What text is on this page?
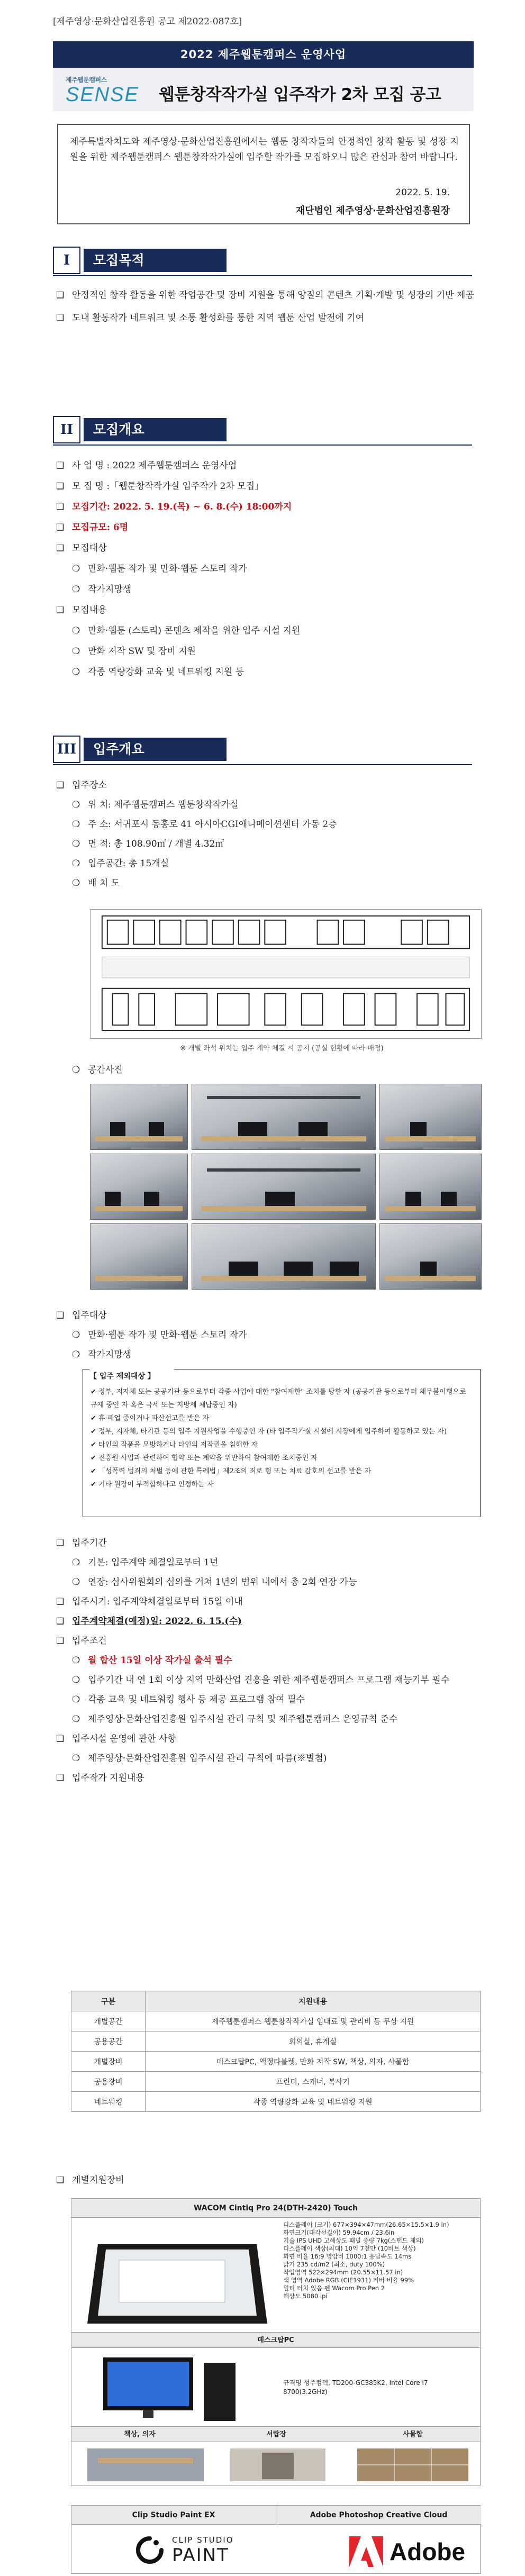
[제주영상·문화산업진흥원 공고 제2022-087호]
2022 제주웹툰캠퍼스 운영사업
제주웹툰캠퍼스
SENSE 웹툰창작작가실 입주작가 2차 모집 공고
제주특별자치도와 제주영상·문화산업진흥원에서는 웹툰 창작자들의 안정적인 창작 활동 및 성장 지원을 위한 제주웹툰캠퍼스 웹툰창작작가실에 입주할 작가를 모집하오니 많은 관심과 참여 바랍니다.
2022. 5. 19.
재단법인 제주영상·문화산업진흥원장
I	모집목적
❑ 안정적인 창작 활동을 위한 작업공간 및 장비 지원을 통해 양질의 콘텐츠 기획·개발 및 성장의 기반 제공
❑ 도내 활동작가 네트워크 및 소통 활성화를 통한 지역 웹툰 산업 발전에 기여
II	모집개요
❑ 사 업 명 : 2022 제주웹툰캠퍼스 운영사업
❑ 모 집 명 :「웹툰창작작가실 입주작가 2차 모집」
❑ 모집기간: 2022. 5. 19.(목) ~ 6. 8.(수) 18:00까지
❑ 모집규모: 6명
❑ 모집대상
❍ 만화·웹툰 작가 및 만화·웹툰 스토리 작가
❍ 작가지망생
❑ 모집내용
❍ 만화·웹툰 (스토리) 콘텐츠 제작을 위한 입주 시설 지원
❍ 만화 저작 SW 및 장비 지원
❍ 각종 역량강화 교육 및 네트워킹 지원 등
III	입주개요
❑ 입주장소
❍ 위 치: 제주웹툰캠퍼스 웹툰창작작가실
❍ 주 소: 서귀포시 동홍로 41 아시아CGI애니메이션센터 가동 2층
❍ 면 적: 총 108.90㎡ / 개별 4.32㎡
❍ 입주공간: 총 15개실
❍ 배 치 도
※ 개별 좌석 위치는 입주 계약 체결 시 공지 (공실 현황에 따라 배정)
❍ 공간사진
❑ 입주대상
❍ 만화·웹툰 작가 및 만화·웹툰 스토리 작가
❍ 작가지망생
【 입주 제외대상 】
✔ 정부, 지자체 또는 공공기관 등으로부터 각종 사업에 대한 "참여제한" 조치를 당한 자 (공공기관 등으로부터 채무불이행으로 규제 중인 자 혹은 국세 또는 지방세 체납중인 자)
✔ 휴·폐업 중이거나 파산선고를 받은 자
✔ 정부, 지자체, 타기관 등의 입주 지원사업을 수행중인 자 (타 입주작가실 시설에 시장에게 입주하여 활동하고 있는 자)
✔ 타인의 작품을 모방하거나 타인의 저작권을 침해한 자
✔ 진흥원 사업과 관련하여 협약 또는 계약을 위반하여 참여제한 조치중인 자
✔ 「성폭력 범죄의 처벌 등에 관한 특례법」제2조의 죄로 형 또는 치료 감호의 선고를 받은 자
✔ 기타 원장이 부적합하다고 인정하는 자
❑ 입주기간
❍ 기본: 입주계약 체결일로부터 1년
❍ 연장: 심사위원회의 심의를 거쳐 1년의 범위 내에서 총 2회 연장 가능
❑ 입주시기: 입주계약체결일로부터 15일 이내
❑ 입주계약체결(예정)일: 2022. 6. 15.(수)
❑ 입주조건
❍ 월 합산 15일 이상 작가실 출석 필수
❍ 입주기간 내 연 1회 이상 지역 만화산업 진흥을 위한 제주웹툰캠퍼스 프로그램 재능기부 필수
❍ 각종 교육 및 네트워킹 행사 등 제공 프로그램 참여 필수
❍ 제주영상·문화산업진흥원 입주시설 관리 규칙 및 제주웹툰캠퍼스 운영규칙 준수
❑ 입주시설 운영에 관한 사항
❍ 제주영상·문화산업진흥원 입주시설 관리 규칙에 따름(※별첨)
❑ 입주작가 지원내용
구분	지원내용
개별공간	제주웹툰캠퍼스 웹툰창작작가실 임대료 및 관리비 등 무상 지원
공용공간	회의실, 휴게실
개별장비	데스크탑PC, 액정타블렛, 만화 저작 SW, 책상, 의자, 사물함
공용장비	프린터, 스캐너, 복사기
네트워킹	각종 역량강화 교육 및 네트워킹 지원
❑ 개별지원장비
WACOM Cintiq Pro 24(DTH-2420) Touch
디스플레이 (크기) 677×394×47mm(26.65×15.5×1.9 in)
화면크기(대각선길이) 59.94cm / 23.6in
기술 IPS UHD 고해상도 패널 중량 7kg(스탠드 제외)
디스플레이 색상(최대) 10억 7천만 (10비트 색상)
화면 비율 16:9 명암비 1000:1 응답속도 14ms
밝기 235 cd/m2 (최소, duty 100%)
작업영역 522×294mm (20.55×11.57 in)
색 영역 Adobe RGB (CIE1931) 커버 비율 99%
멀티 터치 있음 펜 Wacom Pro Pen 2
해상도 5080 lpi
데스크탑PC
규격명 성주컴텍, TD200-GC385K2, Intel Core i7 8700(3.2GHz)
책상, 의자	서랍장	사물함
Clip Studio Paint EX	Adobe Photoshop Creative Cloud
CLIP STUDIO
PAINT	Adobe
